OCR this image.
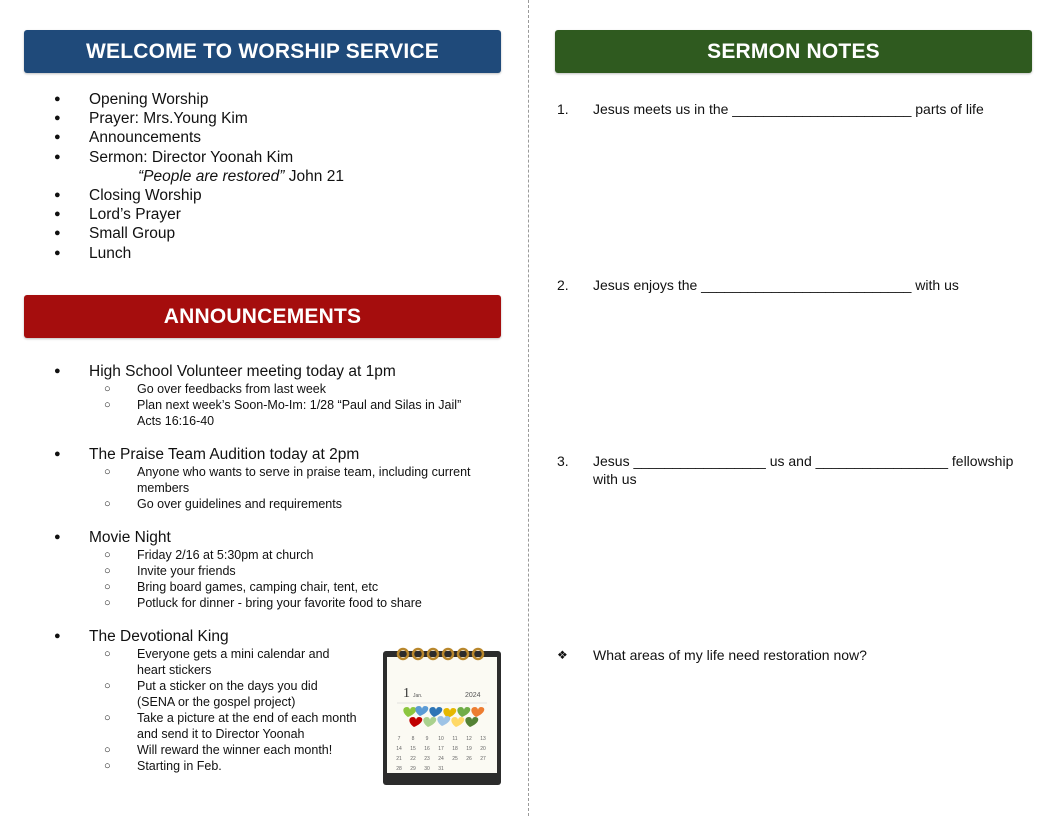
WELCOME TO WORSHIP SERVICE
● Opening Worship
● Prayer: Mrs.Young Kim
● Announcements
● Sermon: Director Yoonah Kim
“People are restored” John 21
● Closing Worship
● Lord’s Prayer
● Small Group
● Lunch
ANNOUNCEMENTS
● High School Volunteer meeting today at 1pm
○ Go over feedbacks from last week
○ Plan next week’s Soon-Mo-Im: 1/28 “Paul and Silas in Jail” Acts 16:16-40
● The Praise Team Audition today at 2pm
○ Anyone who wants to serve in praise team, including current members
○ Go over guidelines and requirements
● Movie Night
○ Friday 2/16 at 5:30pm at church
○ Invite your friends
○ Bring board games, camping chair, tent, etc
○ Potluck for dinner - bring your favorite food to share
● The Devotional King
○ Everyone gets a mini calendar and heart stickers
○ Put a sticker on the days you did (SENA or the gospel project)
○ Take a picture at the end of each month and send it to Director Yoonah
○ Will reward the winner each month!
○ Starting in Feb.
1 Jan.	2024
7 8 9 10 11 12 13
14 15 16 17 18 19 20
21 22 23 24 25 26 27
28 29 30 31
SERMON NOTES
1. Jesus meets us in the _______________________ parts of life
2. Jesus enjoys the ___________________________ with us
3. Jesus _________________ us and _________________ fellowship
with us
❖ What areas of my life need restoration now?
